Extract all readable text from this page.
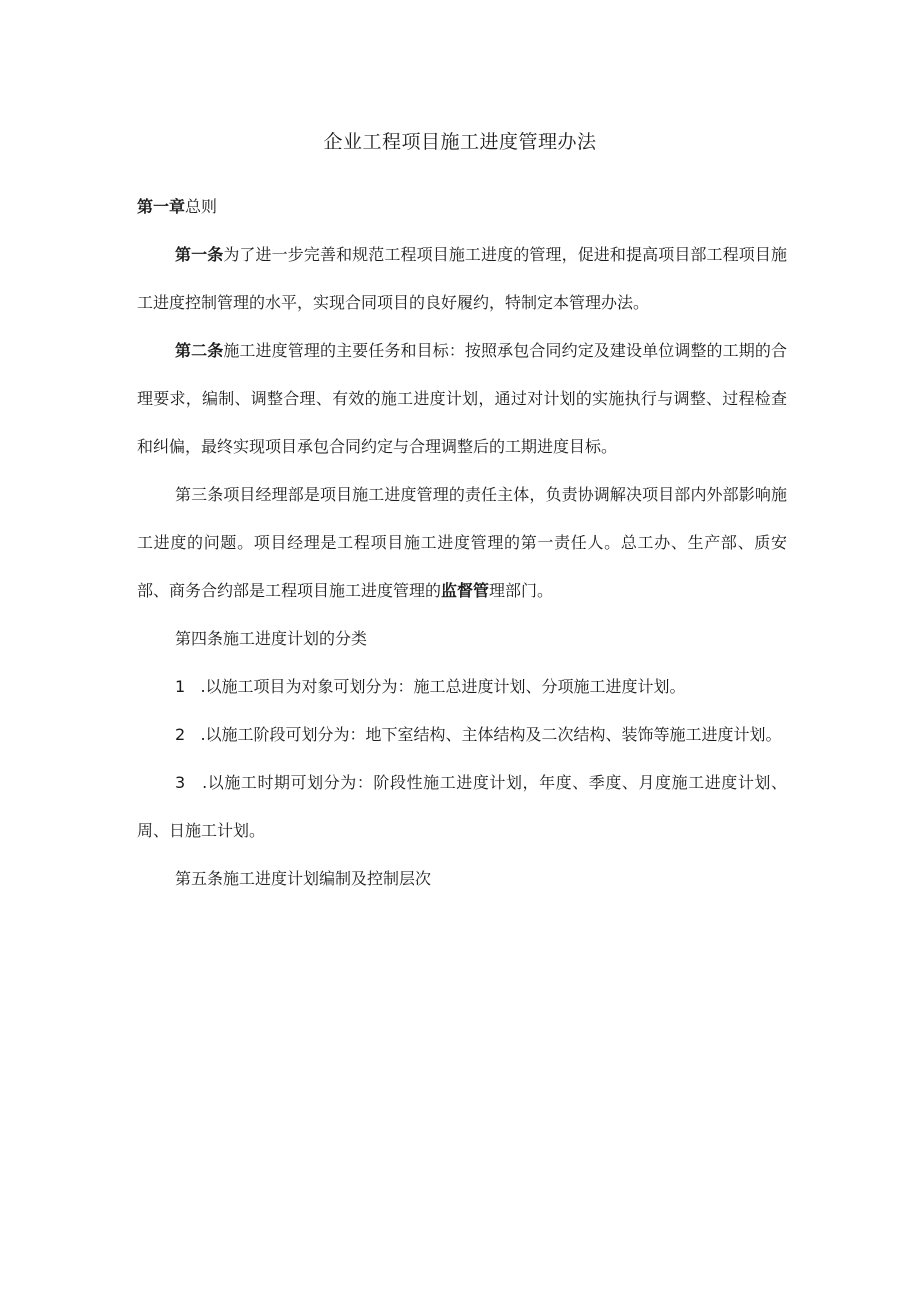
企业工程项目施工进度管理办法

第一章总则

第一条为了进一步完善和规范工程项目施工进度的管理，促进和提高项目部工程项目施工进度控制管理的水平，实现合同项目的良好履约，特制定本管理办法。

第二条施工进度管理的主要任务和目标：按照承包合同约定及建设单位调整的工期的合理要求，编制、调整合理、有效的施工进度计划，通过对计划的实施执行与调整、过程检查和纠偏，最终实现项目承包合同约定与合理调整后的工期进度目标。

第三条项目经理部是项目施工进度管理的责任主体，负责协调解决项目部内外部影响施工进度的问题。项目经理是工程项目施工进度管理的第一责任人。总工办、生产部、质安部、商务合约部是工程项目施工进度管理的监督管理部门。

第四条施工进度计划的分类

1 .以施工项目为对象可划分为：施工总进度计划、分项施工进度计划。

2 .以施工阶段可划分为：地下室结构、主体结构及二次结构、装饰等施工进度计划。

3 .以施工时期可划分为：阶段性施工进度计划，年度、季度、月度施工进度计划、周、日施工计划。

第五条施工进度计划编制及控制层次
